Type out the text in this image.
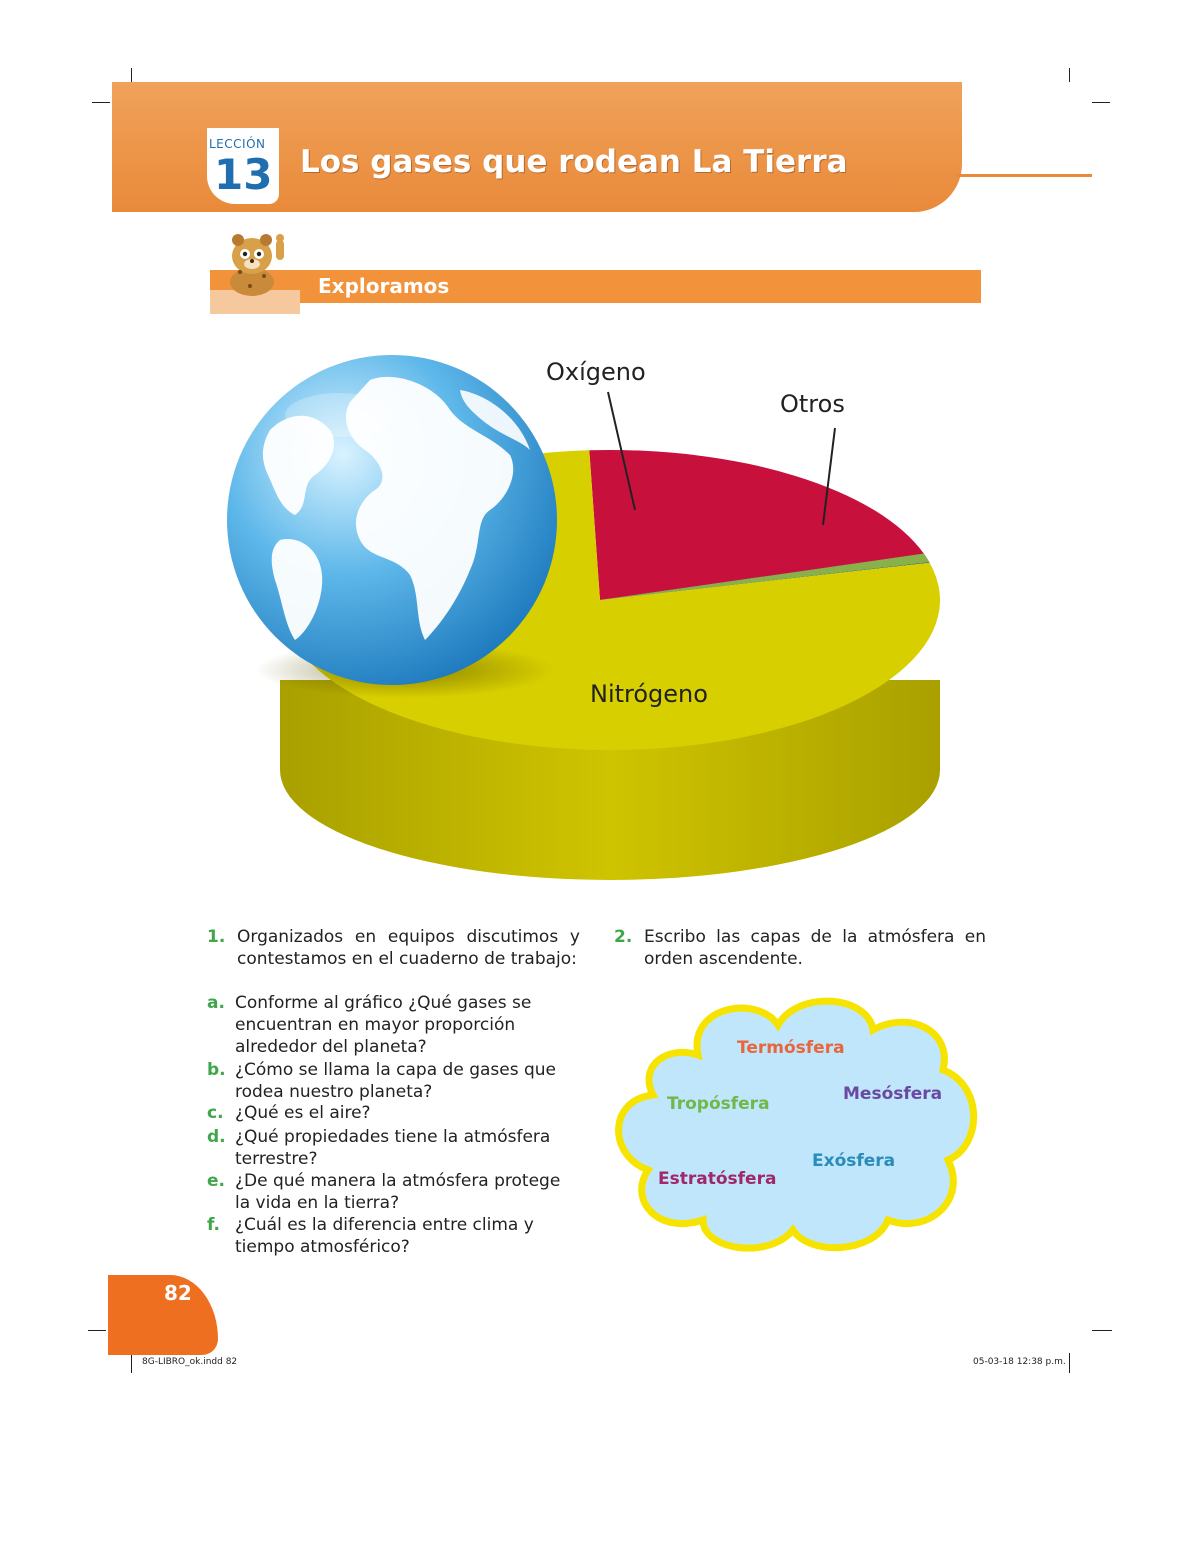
LECCIÓN
13 Los gases que rodean La Tierra
Exploramos
Oxígeno
Otros
Nitrógeno
1. Organizados en equipos discutimos y contestamos en el cuaderno de trabajo:
a. Conforme al gráfico ¿Qué gases se encuentran en mayor proporción alrededor del planeta?
b. ¿Cómo se llama la capa de gases que rodea nuestro planeta?
c. ¿Qué es el aire?
d. ¿Qué propiedades tiene la atmósfera terrestre?
e. ¿De qué manera la atmósfera protege la vida en la tierra?
f. ¿Cuál es la diferencia entre clima y tiempo atmosférico?
2. Escribo las capas de la atmósfera en orden ascendente.
Termósfera
Tropósfera	Mesósfera
Exósfera
Estratósfera
82
8G-LIBRO_ok.indd 82	05-03-18 12:38 p.m.
